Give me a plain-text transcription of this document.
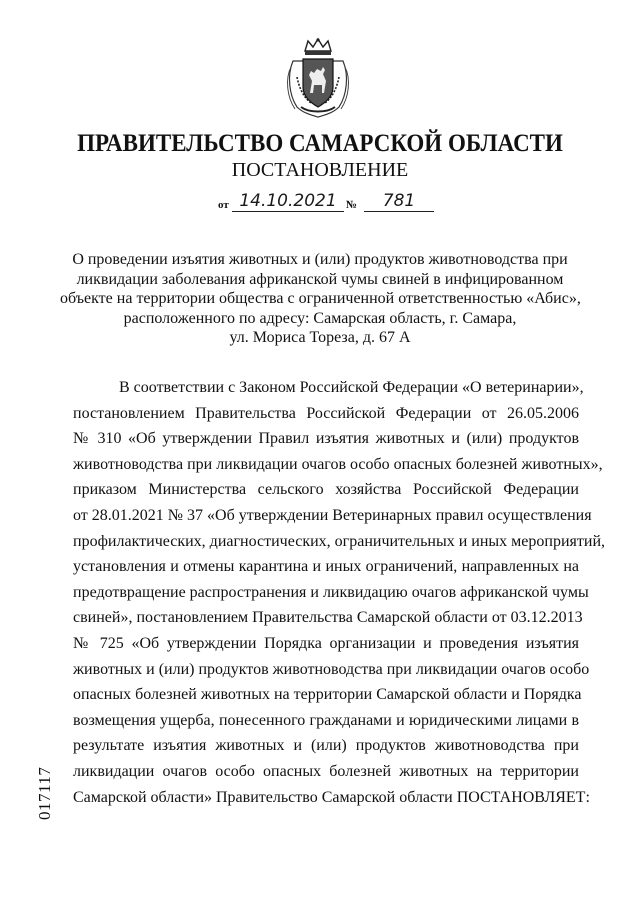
ПРАВИТЕЛЬСТВО САМАРСКОЙ ОБЛАСТИ
ПОСТАНОВЛЕНИЕ
от 14.10.2021 №	781
О проведении изъятия животных и (или) продуктов животноводства при
ликвидации заболевания африканской чумы свиней в инфицированном
объекте на территории общества с ограниченной ответственностью «Абис»,
расположенного по адресу: Самарская область, г. Самара,
ул. Мориса Тореза, д. 67 А
В соответствии с Законом Российской Федерации «О ветеринарии»,
постановлением Правительства Российской Федерации от 26.05.2006
№ 310 «Об утверждении Правил изъятия животных и (или) продуктов
животноводства при ликвидации очагов особо опасных болезней животных»,
приказом Министерства сельского хозяйства Российской Федерации
от 28.01.2021 № 37 «Об утверждении Ветеринарных правил осуществления
профилактических, диагностических, ограничительных и иных мероприятий,
установления и отмены карантина и иных ограничений, направленных на
предотвращение распространения и ликвидацию очагов африканской чумы
свиней», постановлением Правительства Самарской области от 03.12.2013
№ 725 «Об утверждении Порядка организации и проведения изъятия
животных и (или) продуктов животноводства при ликвидации очагов особо
опасных болезней животных на территории Самарской области и Порядка
возмещения ущерба, понесенного гражданами и юридическими лицами в
результате изъятия животных и (или) продуктов животноводства при
ликвидации очагов особо опасных болезней животных на территории
Самарской области» Правительство Самарской области ПОСТАНОВЛЯЕТ:
017117
